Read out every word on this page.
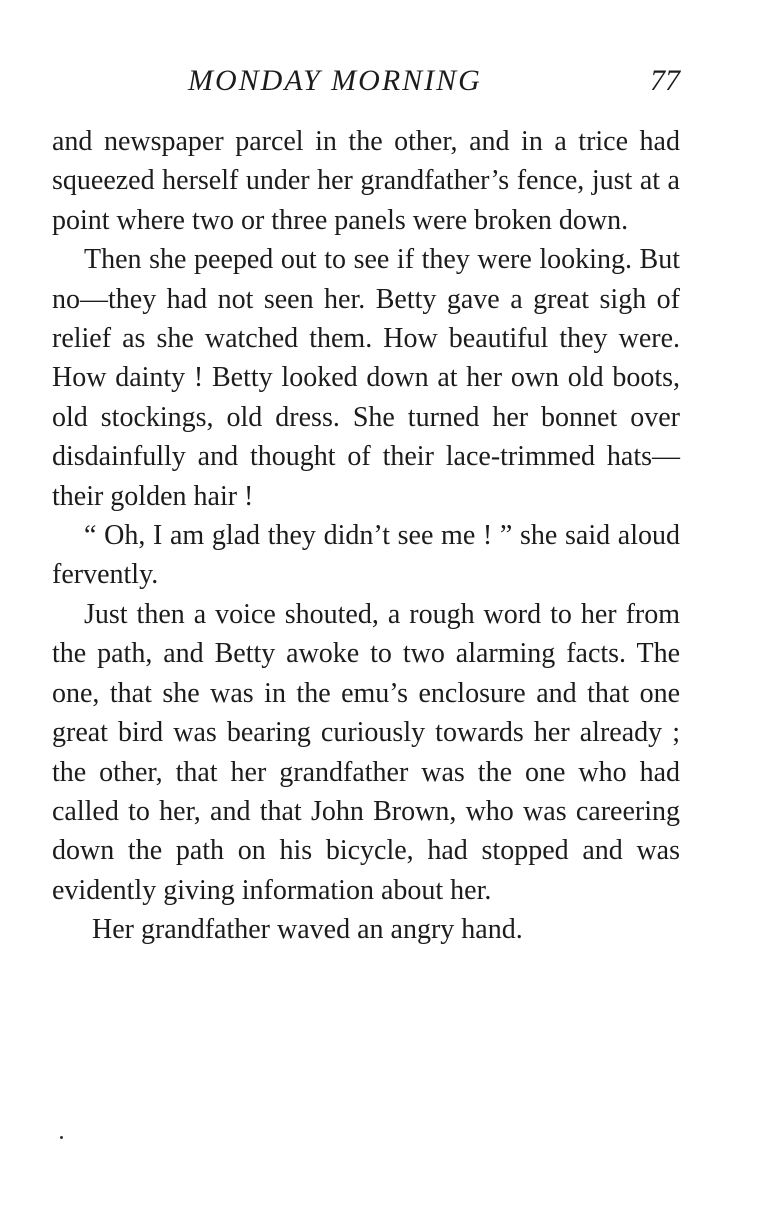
MONDAY MORNING	77

and newspaper parcel in the other, and in a trice had squeezed herself under her grandfather’s fence, just at a point where two or three panels were broken down.

Then she peeped out to see if they were looking. But no—they had not seen her. Betty gave a great sigh of relief as she watched them. How beautiful they were. How dainty ! Betty looked down at her own old boots, old stockings, old dress. She turned her bonnet over disdainfully and thought of their lace-trimmed hats—their golden hair !

“ Oh, I am glad they didn’t see me ! ” she said aloud fervently.

Just then a voice shouted, a rough word to her from the path, and Betty awoke to two alarming facts. The one, that she was in the emu’s enclosure and that one great bird was bearing curiously towards her already ; the other, that her grandfather was the one who had called to her, and that John Brown, who was careering down the path on his bicycle, had stopped and was evidently giving information about her.

Her grandfather waved an angry hand.
